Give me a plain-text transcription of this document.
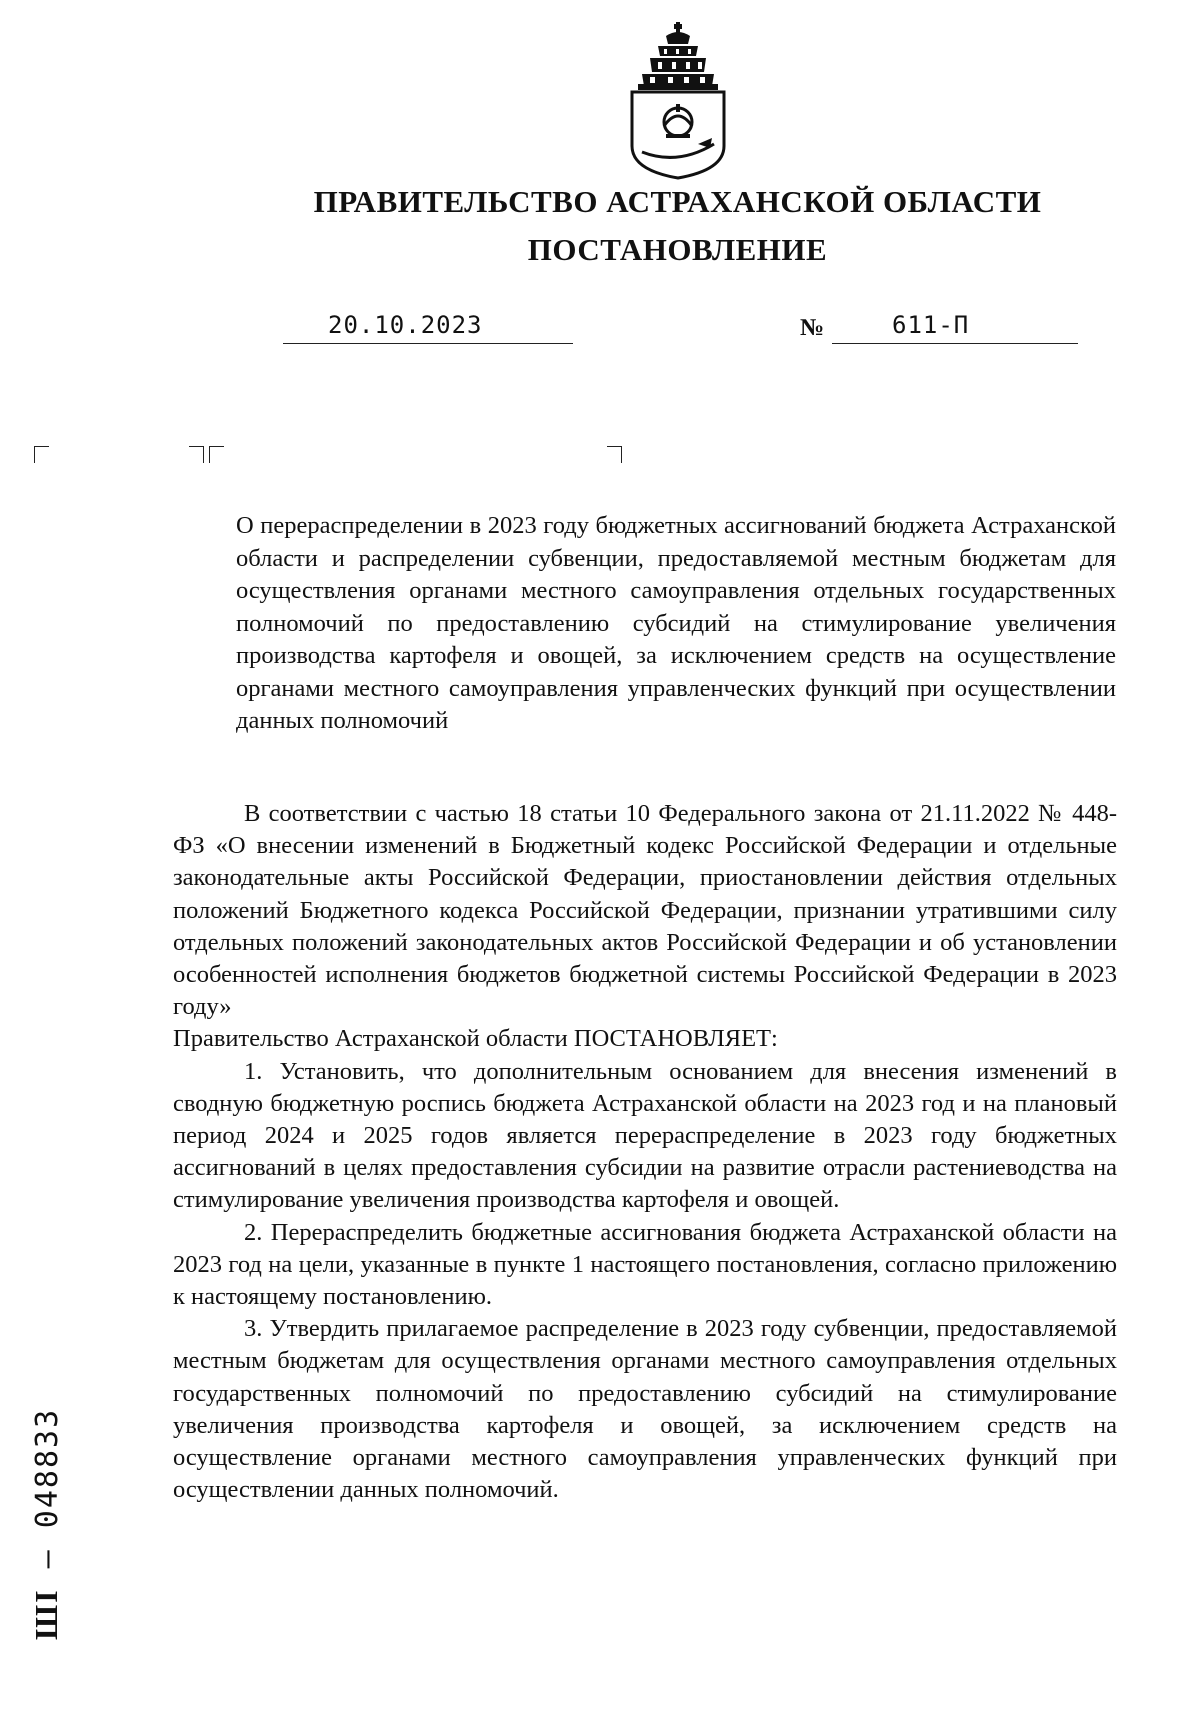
ПРАВИТЕЛЬСТВО АСТРАХАНСКОЙ ОБЛАСТИ
ПОСТАНОВЛЕНИЕ
20.10.2023	№	611-П
О перераспределении в 2023 году бюджетных ассигнований бюджета Астраханской области и распределении субвенции, предоставляемой местным бюджетам для осуществления органами местного самоуправления отдельных государственных полномочий по предоставлению субсидий на стимулирование увеличения производства картофеля и овощей, за исключением средств на осуществление органами местного самоуправления управленческих функций при осуществлении данных полномочий

В соответствии с частью 18 статьи 10 Федерального закона от 21.11.2022 № 448-ФЗ «О внесении изменений в Бюджетный кодекс Российской Федерации и отдельные законодательные акты Российской Федерации, приостановлении действия отдельных положений Бюджетного кодекса Российской Федерации, признании утратившими силу отдельных положений законодательных актов Российской Федерации и об установлении особенностей исполнения бюджетов бюджетной системы Российской Федерации в 2023 году»

Правительство Астраханской области ПОСТАНОВЛЯЕТ:

1. Установить, что дополнительным основанием для внесения изменений в сводную бюджетную роспись бюджета Астраханской области на 2023 год и на плановый период 2024 и 2025 годов является перераспределение в 2023 году бюджетных ассигнований в целях предоставления субсидии на развитие отрасли растениеводства на стимулирование увеличения производства картофеля и овощей.

2. Перераспределить бюджетные ассигнования бюджета Астраханской области на 2023 год на цели, указанные в пункте 1 настоящего постановления, согласно приложению к настоящему постановлению.

3. Утвердить прилагаемое распределение в 2023 году субвенции, предоставляемой местным бюджетам для осуществления органами местного самоуправления отдельных государственных полномочий по предоставлению субсидий на стимулирование увеличения производства картофеля и овощей, за исключением средств на осуществление органами местного самоуправления управленческих функций при осуществлении данных полномочий.

ШІ – 048833
